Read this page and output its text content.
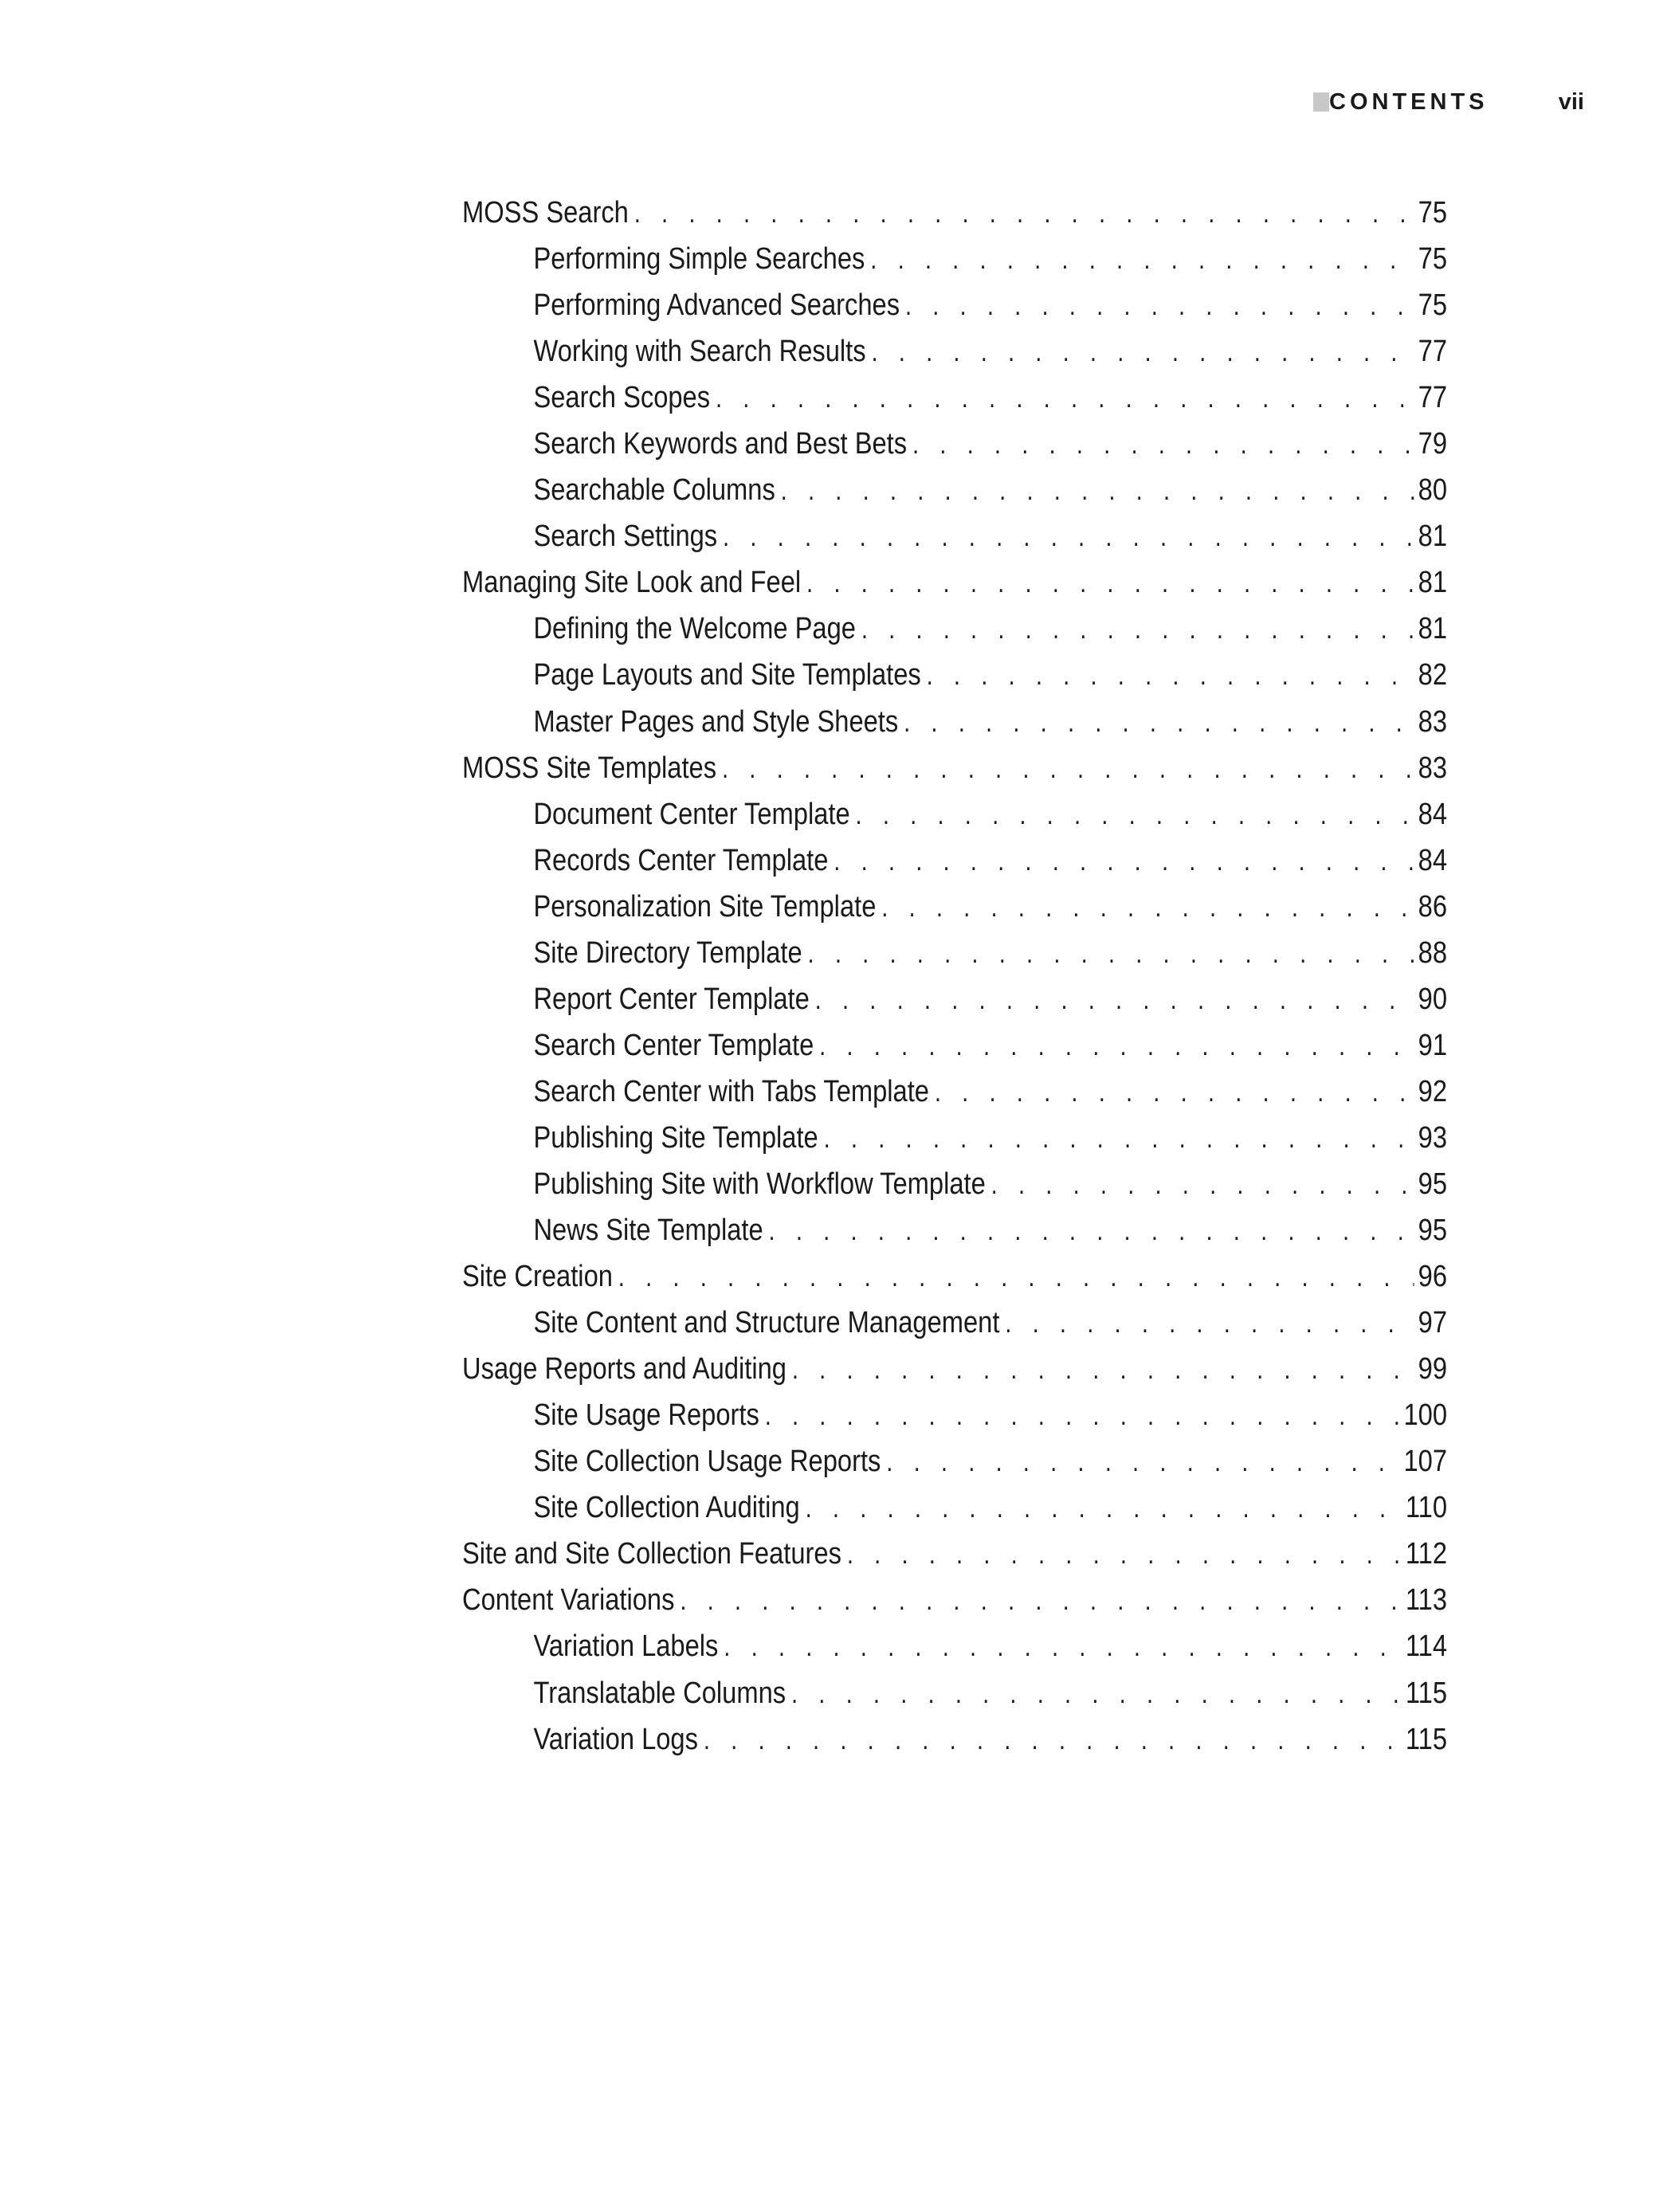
CONTENTS	vii
MOSS Search . . .	75
Performing Simple Searches . . .	75
Performing Advanced Searches . . .	75
Working with Search Results . . .	77
Search Scopes . . .	77
Search Keywords and Best Bets . . .	79
Searchable Columns . . .	80
Search Settings . . .	81
Managing Site Look and Feel . . .	81
Defining the Welcome Page . . .	81
Page Layouts and Site Templates . . .	82
Master Pages and Style Sheets . . .	83
MOSS Site Templates . . .	83
Document Center Template . . .	84
Records Center Template . . .	84
Personalization Site Template . . .	86
Site Directory Template . . .	88
Report Center Template . . .	90
Search Center Template . . .	91
Search Center with Tabs Template . . .	92
Publishing Site Template . . .	93
Publishing Site with Workflow Template . . .	95
News Site Template . . .	95
Site Creation . . .	96
Site Content and Structure Management . . .	97
Usage Reports and Auditing . . .	99
Site Usage Reports . . .	100
Site Collection Usage Reports . . .	107
Site Collection Auditing . . .	110
Site and Site Collection Features . . .	112
Content Variations . . .	113
Variation Labels . . .	114
Translatable Columns . . .	115
Variation Logs . . .	115
